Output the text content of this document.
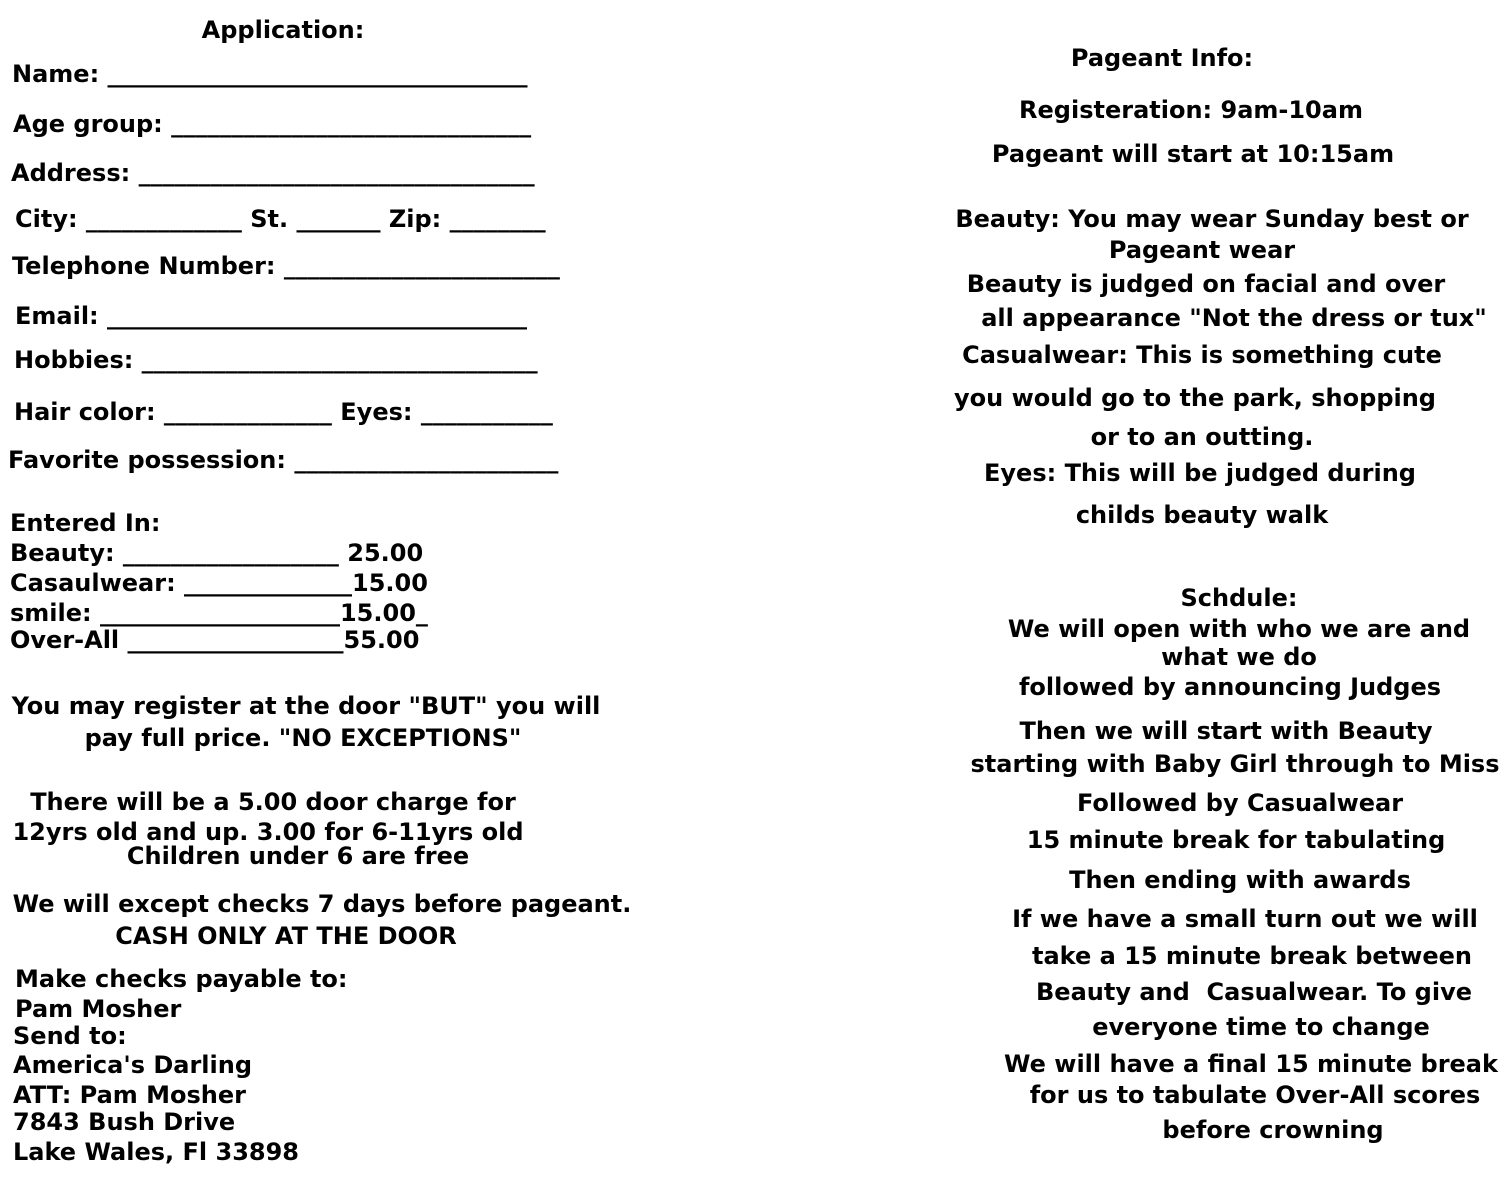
Application:
Name: ___________________________________
Age group: ______________________________
Address: _________________________________
City: _____________ St. _______ Zip: ________
Telephone Number: _______________________
Email: ___________________________________
Hobbies: _________________________________
Hair color: ______________ Eyes: ___________
Favorite possession: ______________________
Entered In:
Beauty: __________________ 25.00
Casaulwear: ______________15.00
smile: ____________________15.00_
Over-All __________________55.00
You may register at the door "BUT" you will
pay full price. "NO EXCEPTIONS"
There will be a 5.00 door charge for
12yrs old and up. 3.00 for 6-11yrs old
Children under 6 are free
We will except checks 7 days before pageant.
CASH ONLY AT THE DOOR
Make checks payable to:
Pam Mosher
Send to:
America's Darling
ATT: Pam Mosher
7843 Bush Drive
Lake Wales, Fl 33898
Pageant Info:
Registeration: 9am-10am
Pageant will start at 10:15am
Beauty: You may wear Sunday best or
Pageant wear
Beauty is judged on facial and over
all appearance "Not the dress or tux"
Casualwear: This is something cute
you would go to the park, shopping
or to an outting.
Eyes: This will be judged during
childs beauty walk
Schdule:
We will open with who we are and
what we do
followed by announcing Judges
Then we will start with Beauty
starting with Baby Girl through to Miss
Followed by Casualwear
15 minute break for tabulating
Then ending with awards
If we have a small turn out we will
take a 15 minute break between
Beauty and  Casualwear. To give
everyone time to change
We will have a final 15 minute break
for us to tabulate Over-All scores
before crowning
